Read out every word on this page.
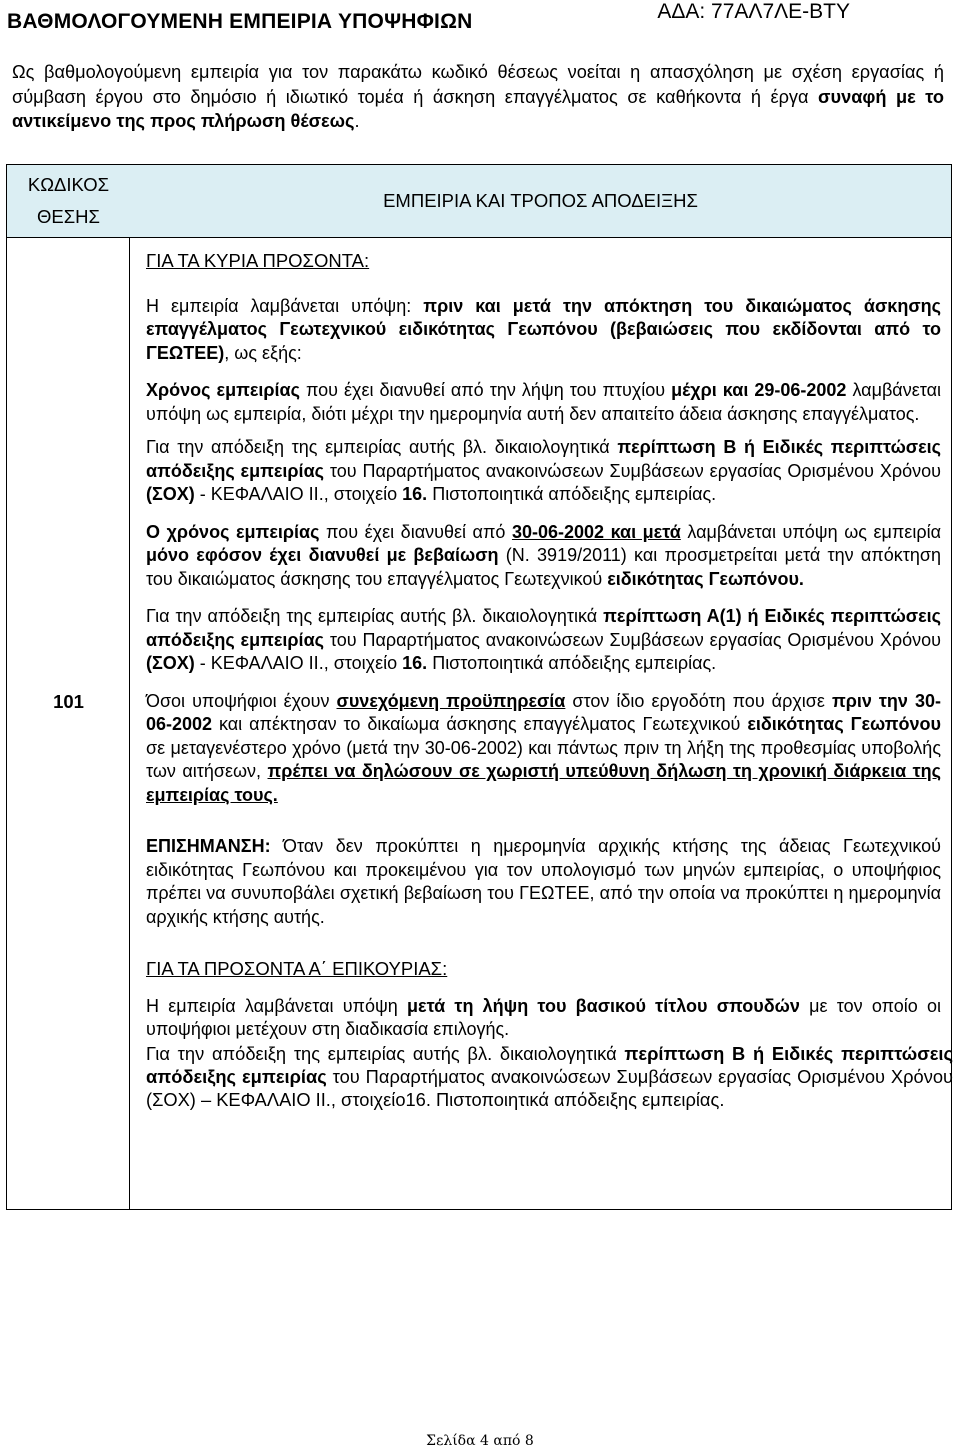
ΒΑΘΜΟΛΟΓΟΥΜΕΝΗ ΕΜΠΕΙΡΙΑ ΥΠΟΨΗΦΙΩΝ	ΑΔΑ: 77ΑΛ7ΛΕ-ΒΤΥ
Ως βαθμολογούμενη εμπειρία για τον παρακάτω κωδικό θέσεως νοείται η απασχόληση με σχέση εργασίας ή σύμβαση έργου στο δημόσιο ή ιδιωτικό τομέα ή άσκηση επαγγέλματος σε καθήκοντα ή έργα συναφή με το αντικείμενο της προς πλήρωση θέσεως.
ΚΩΔΙΚΟΣ
ΘΕΣΗΣ
101
ΕΜΠΕΙΡΙΑ ΚΑΙ ΤΡΟΠΟΣ ΑΠΟΔΕΙΞΗΣ

ΓΙΑ ΤΑ ΚΥΡΙΑ ΠΡΟΣΟΝΤΑ:

Η εμπειρία λαμβάνεται υπόψη: πριν και μετά την απόκτηση του δικαιώματος άσκησης επαγγέλματος Γεωτεχνικού ειδικότητας Γεωπόνου (βεβαιώσεις που εκδίδονται από το ΓΕΩΤΕΕ), ως εξής:

Χρόνος εμπειρίας που έχει διανυθεί από την λήψη του πτυχίου μέχρι και 29-06-2002 λαμβάνεται υπόψη ως εμπειρία, διότι μέχρι την ημερομηνία αυτή δεν απαιτείτο άδεια άσκησης επαγγέλματος.

Για την απόδειξη της εμπειρίας αυτής βλ. δικαιολογητικά περίπτωση Β ή Ειδικές περιπτώσεις απόδειξης εμπειρίας του Παραρτήματος ανακοινώσεων Συμβάσεων εργασίας Ορισμένου Χρόνου (ΣΟΧ) - ΚΕΦΑΛΑΙΟ ΙΙ., στοιχείο 16. Πιστοποιητικά απόδειξης εμπειρίας.

Ο χρόνος εμπειρίας που έχει διανυθεί από 30-06-2002 και μετά λαμβάνεται υπόψη ως εμπειρία μόνο εφόσον έχει διανυθεί με βεβαίωση (Ν. 3919/2011) και προσμετρείται μετά την απόκτηση του δικαιώματος άσκησης του επαγγέλματος Γεωτεχνικού ειδικότητας Γεωπόνου.

Για την απόδειξη της εμπειρίας αυτής βλ. δικαιολογητικά περίπτωση Α(1) ή Ειδικές περιπτώσεις απόδειξης εμπειρίας του Παραρτήματος ανακοινώσεων Συμβάσεων εργασίας Ορισμένου Χρόνου (ΣΟΧ) - ΚΕΦΑΛΑΙΟ ΙΙ., στοιχείο 16. Πιστοποιητικά απόδειξης εμπειρίας.

Όσοι υποψήφιοι έχουν συνεχόμενη προϋπηρεσία στον ίδιο εργοδότη που άρχισε πριν την 30-06-2002 και απέκτησαν το δικαίωμα άσκησης επαγγέλματος Γεωτεχνικού ειδικότητας Γεωπόνου σε μεταγενέστερο χρόνο (μετά την 30-06-2002) και πάντως πριν τη λήξη της προθεσμίας υποβολής των αιτήσεων, πρέπει να δηλώσουν σε χωριστή υπεύθυνη δήλωση τη χρονική διάρκεια της εμπειρίας τους.

ΕΠΙΣΗΜΑΝΣΗ: Όταν δεν προκύπτει η ημερομηνία αρχικής κτήσης της άδειας Γεωτεχνικού ειδικότητας Γεωπόνου και προκειμένου για τον υπολογισμό των μηνών εμπειρίας, ο υποψήφιος πρέπει να συνυποβάλει σχετική βεβαίωση του ΓΕΩΤΕΕ, από την οποία να προκύπτει η ημερομηνία αρχικής κτήσης αυτής.

ΓΙΑ ΤΑ ΠΡΟΣΟΝΤΑ Α΄ ΕΠΙΚΟΥΡΙΑΣ:

Η εμπειρία λαμβάνεται υπόψη μετά τη λήψη του βασικού τίτλου σπουδών με τον οποίο οι υποψήφιοι μετέχουν στη διαδικασία επιλογής.

Για την απόδειξη της εμπειρίας αυτής βλ. δικαιολογητικά περίπτωση Β ή Ειδικές περιπτώσεις απόδειξης εμπειρίας του Παραρτήματος ανακοινώσεων Συμβάσεων εργασίας Ορισμένου Χρόνου (ΣΟΧ) – ΚΕΦΑΛΑΙΟ ΙΙ., στοιχείο16. Πιστοποιητικά απόδειξης εμπειρίας.

Σελίδα 4 από 8
